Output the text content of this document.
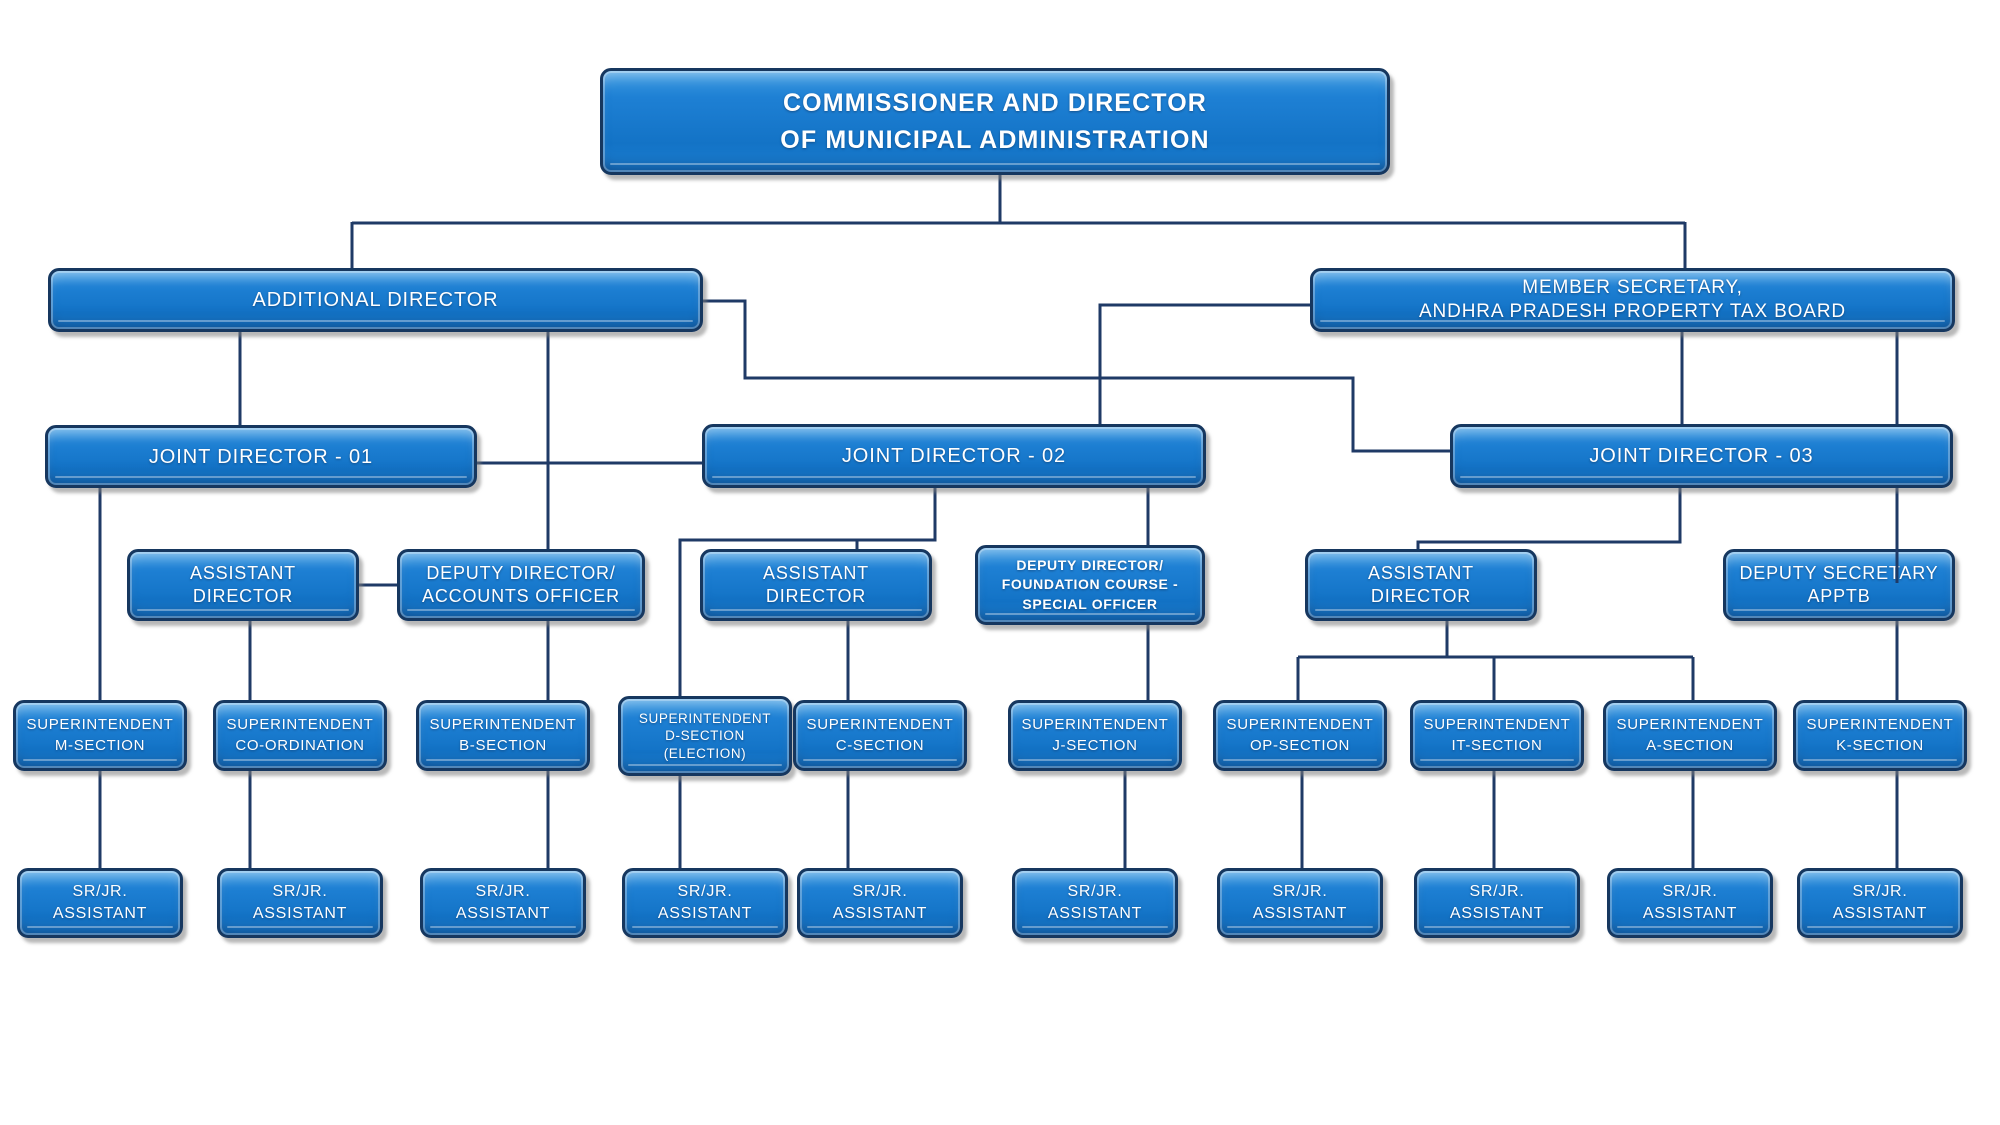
COMMISSIONER AND DIRECTOR
OF MUNICIPAL ADMINISTRATION
ADDITIONAL DIRECTOR
MEMBER SECRETARY,
ANDHRA PRADESH PROPERTY TAX BOARD
JOINT DIRECTOR - 01	JOINT DIRECTOR - 02	JOINT DIRECTOR - 03
ASSISTANT
DIRECTOR
DEPUTY DIRECTOR/
ACCOUNTS OFFICER
ASSISTANT
DIRECTOR
DEPUTY DIRECTOR/
FOUNDATION COURSE -
SPECIAL OFFICER
ASSISTANT
DIRECTOR
DEPUTY SECRETARY
APPTB
SUPERINTENDENT
M-SECTION
SUPERINTENDENT
CO-ORDINATION
SUPERINTENDENT
B-SECTION
SUPERINTENDENT
D-SECTION
(ELECTION)
SUPERINTENDENT
C-SECTION
SUPERINTENDENT
J-SECTION
SUPERINTENDENT
OP-SECTION
SUPERINTENDENT
IT-SECTION
SUPERINTENDENT
A-SECTION
SUPERINTENDENT
K-SECTION
SR/JR.
ASSISTANT
SR/JR.
ASSISTANT
SR/JR.
ASSISTANT
SR/JR.
ASSISTANT
SR/JR.
ASSISTANT
SR/JR.
ASSISTANT
SR/JR.
ASSISTANT
SR/JR.
ASSISTANT
SR/JR.
ASSISTANT
SR/JR.
ASSISTANT
